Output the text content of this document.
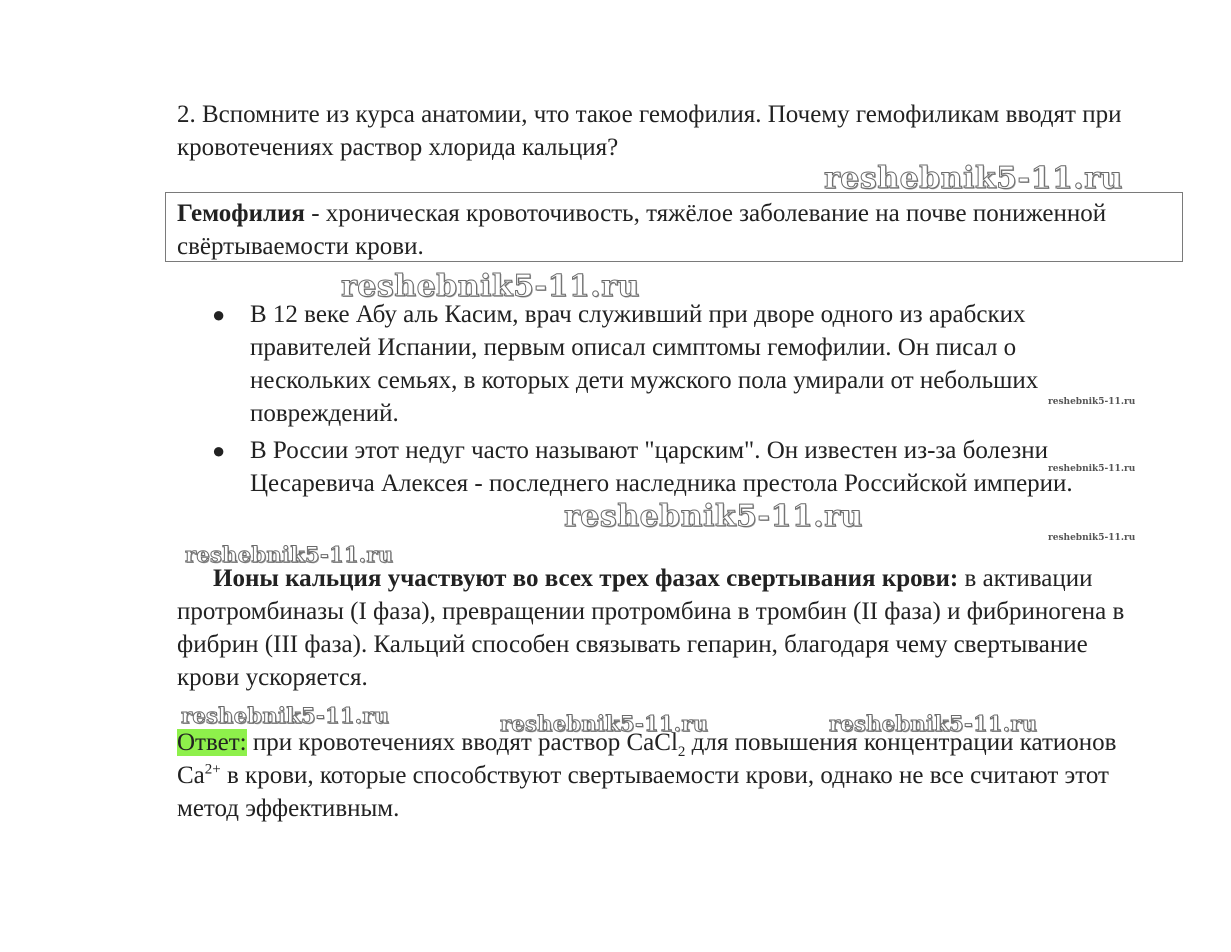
2. Вспомните из курса анатомии, что такое гемофилия. Почему гемофиликам вводят при кровотечениях раствор хлорида кальция?
reshebnik5-11.ru
Гемофилия - хроническая кровоточивость, тяжёлое заболевание на почве пониженной свёртываемости крови.
reshebnik5-11.ru
● В 12 веке Абу аль Касим, врач служивший при дворе одного из арабских правителей Испании, первым описал симптомы гемофилии. Он писал о нескольких семьях, в которых дети мужского пола умирали от небольших повреждений.
● В России этот недуг часто называют "царским". Он известен из-за болезни Цесаревича Алексея - последнего наследника престола Российской империи.
reshebnik5-11.ru
reshebnik5-11.ru
reshebnik5-11.ru
reshebnik5-11.ru
reshebnik5-11.ru
Ионы кальция участвуют во всех трех фазах свертывания крови: в активации протромбиназы (I фаза), превращении протромбина в тромбин (II фаза) и фибриногена в фибрин (III фаза). Кальций способен связывать гепарин, благодаря чему свертывание крови ускоряется.
Ответ: при кровотечениях вводят раствор CaCl$_2$ для повышения концентрации катионов $Ca^{2+}$ в крови, которые способствуют свертываемости крови, однако не все считают этот метод эффективным.
reshebnik5-11.ru	reshebnik5-11.ru	reshebnik5-11.ru
